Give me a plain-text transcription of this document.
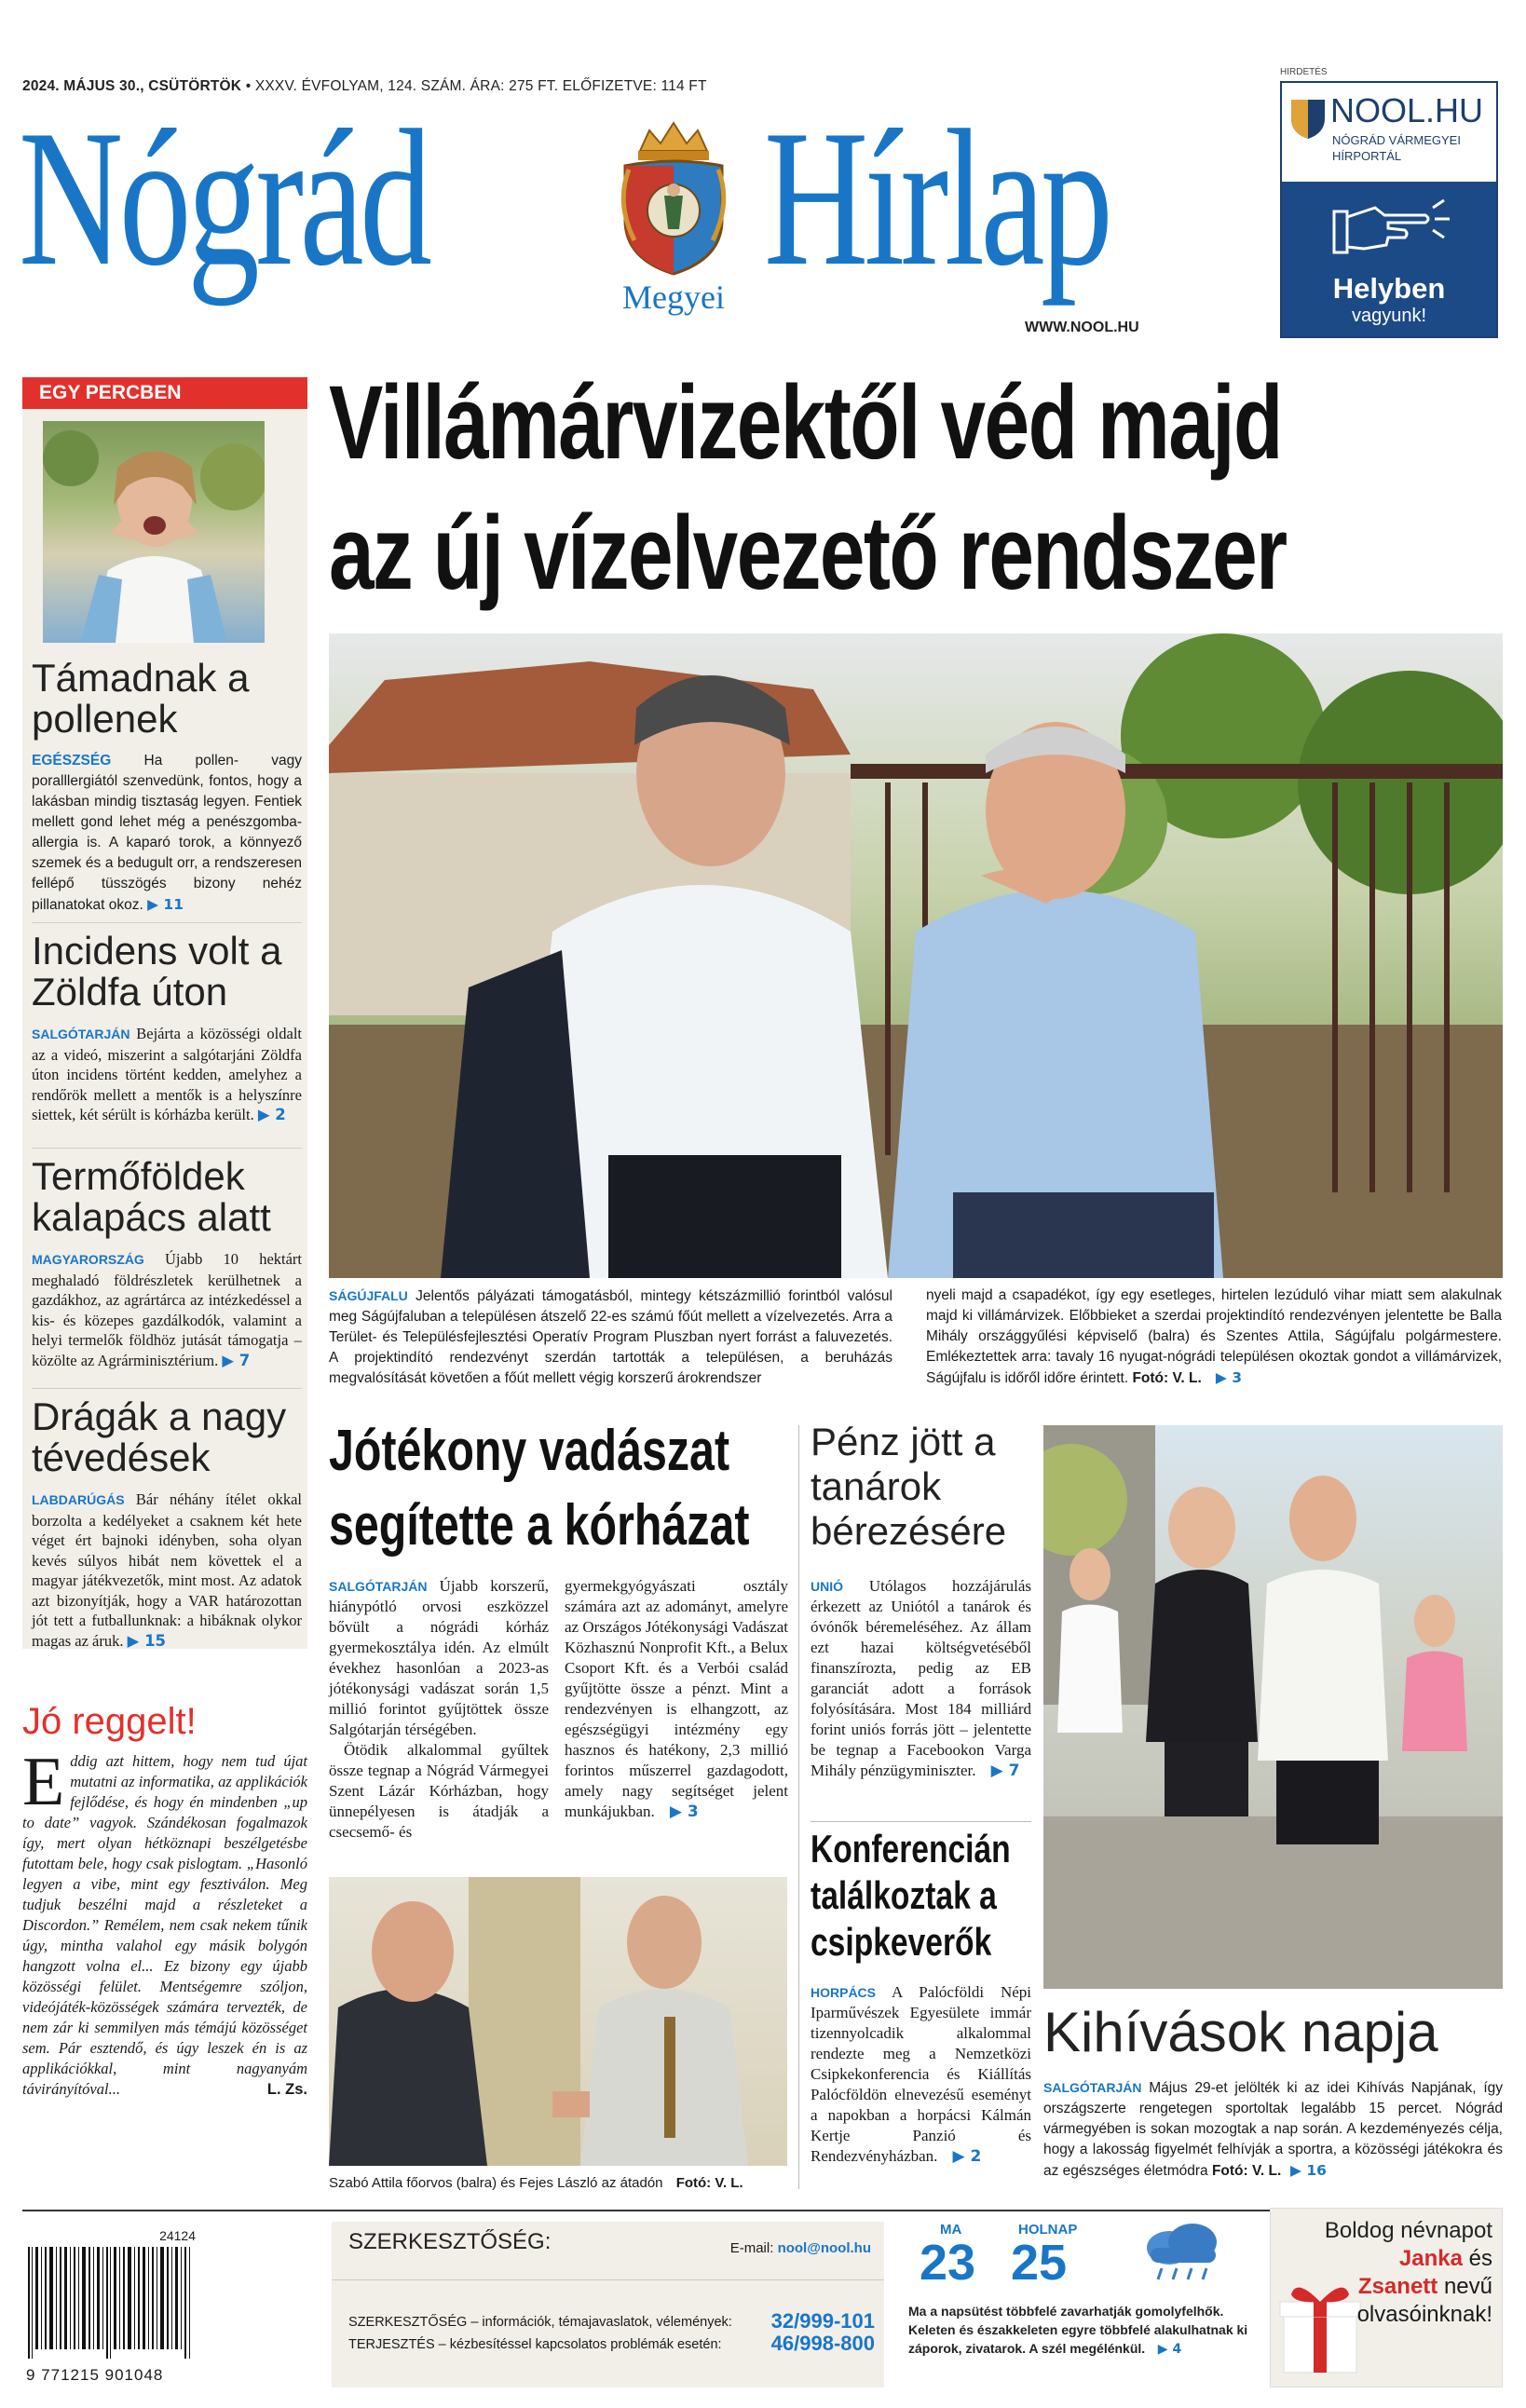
2024. MÁJUS 30., CSÜTÖRTÖK • XXXV. ÉVFOLYAM, 124. SZÁM. ÁRA: 275 FT. ELŐFIZETVE: 114 FT
Nógrád	Megyei Hírlap
WWW.NOOL.HU
HIRDETÉS
NOOL.HU
NÓGRÁD VÁRMEGYEI
HÍRPORTÁL
Helyben
vagyunk!
EGY PERCBEN
Támadnak a pollenek
EGÉSZSÉG Ha pollen- vagy poralllergiától szenvedünk, fontos, hogy a lakásban mindig tisztaság legyen. Fentiek mellett gond lehet még a penészgomba-allergia is. A kaparó torok, a könnyező szemek és a bedugult orr, a rendszeresen fellépő tüsszögés bizony nehéz pillanatokat okoz. ▶ 11
Incidens volt a Zöldfa úton
SALGÓTARJÁN Bejárta a közösségi oldalt az a videó, miszerint a salgótarjáni Zöldfa úton incidens történt kedden, amelyhez a rendőrök mellett a mentők is a helyszínre siettek, két sérült is kórházba került. ▶ 2
Termőföldek kalapács alatt
MAGYARORSZÁG Újabb 10 hektárt meghaladó földrészletek kerülhetnek a gazdákhoz, az agrártárca az intézkedéssel a kis- és közepes gazdálkodók, valamint a helyi termelők földhöz jutását támogatja – közölte az Agrárminisztérium. ▶ 7
Drágák a nagy tévedések
LABDARÚGÁS Bár néhány ítélet okkal borzolta a kedélyeket a csaknem két hete véget ért bajnoki idényben, soha olyan kevés súlyos hibát nem követtek el a magyar játékvezetők, mint most. Az adatok azt bizonyítják, hogy a VAR határozottan jót tett a futballunknak: a hibáknak olykor magas az áruk. ▶ 15
Jó reggelt!
E ddig azt hittem, hogy nem tud újat mutatni az informatika, az applikációk fejlődése, és hogy én mindenben „up to date” vagyok. Szándékosan fogalmazok így, mert olyan hétköznapi beszélgetésbe futottam bele, hogy csak pislogtam. „Hasonló legyen a vibe, mint egy fesztiválon. Meg tudjuk beszélni majd a részleteket a Discordon.” Remélem, nem csak nekem tűnik úgy, mintha valahol egy másik bolygón hangzott volna el... Ez bizony egy újabb közösségi felület. Mentségemre szóljon, videójáték-közösségek számára tervezték, de nem zár ki semmilyen más témájú közösséget sem. Pár esztendő, és úgy leszek én is az applikációkkal, mint nagyanyám távirányítóval...	L. Zs.
Villámárvizektől véd majd
az új vízelvezető rendszer
SÁGÚJFALU Jelentős pályázati támogatásból, mintegy kétszázmillió forintból valósul meg Ságújfaluban a településen átszelő 22-es számú főút mellett a vízelvezetés. Arra a Terület- és Településfejlesztési Operatív Program Pluszban nyert forrást a faluvezetés. A projektindító rendezvényt szerdán tartották a településen, a beruházás megvalósítását követően a főút mellett végig korszerű árokrendszer
nyeli majd a csapadékot, így egy esetleges, hirtelen lezúduló vihar miatt sem alakulnak majd ki villámárvizek. Előbbieket a szerdai projektindító rendezvényen jelentette be Balla Mihály országgyűlési képviselő (balra) és Szentes Attila, Ságújfalu polgármestere. Emlékeztettek arra: tavaly 16 nyugat-nógrádi településen okoztak gondot a villámárvizek, Ságújfalu is időről időre érintett. Fotó: V. L.   ▶ 3
Jótékony vadászat
segítette a kórházat
SALGÓTARJÁN Újabb korszerű, hiánypótló orvosi eszközzel bővült a nógrádi kórház gyermekosztálya idén. Az elmúlt évekhez hasonlóan a 2023-as jótékonysági vadászat során 1,5 millió forintot gyűjtöttek össze Salgótarján térségében.
Ötödik alkalommal gyűltek össze tegnap a Nógrád Vármegyei Szent Lázár Kórházban, hogy ünnepélyesen is átadják a csecsemő- és
gyermekgyógyászati osztály számára azt az adományt, amelyre az Országos Jótékonysági Vadászat Közhasznú Nonprofit Kft., a Belux Csoport Kft. és a Verbói család gyűjtötte össze a pénzt. Mint a rendezvényen is elhangzott, az egészségügyi intézmény egy hasznos és hatékony, 2,3 millió forintos műszerrel gazdagodott, amely nagy segítséget jelent munkájukban.   ▶ 3
Szabó Attila főorvos (balra) és Fejes László az átadón Fotó: V. L.
Pénz jött a tanárok bérezésére
UNIÓ Utólagos hozzájárulás érkezett az Uniótól a tanárok és óvónők béremeléséhez. Az állam ezt hazai költségvetéséből finanszírozta, pedig az EB garanciát adott a források folyósítására. Most 184 milliárd forint uniós forrás jött – jelentette be tegnap a Facebookon Varga Mihály pénzügyminiszter.   ▶ 7
Konferencián találkoztak a csipkeverők
HORPÁCS A Palócföldi Népi Iparművészek Egyesülete immár tizennyolcadik alkalommal rendezte meg a Nemzetközi Csipkekonferencia és Kiállítás Palócföldön elnevezésű eseményt a napokban a horpácsi Kálmán Kertje Panzió és Rendezvényházban.   ▶ 2
Kihívások napja
SALGÓTARJÁN Május 29-et jelölték ki az idei Kihívás Napjának, így országszerte rengetegen sportoltak legalább 15 percet. Nógrád vármegyében is sokan mozogtak a nap során. A kezdeményezés célja, hogy a lakosság figyelmét felhívják a sportra, a közösségi játékokra és az egészséges életmódra Fotó: V. L.  ▶ 16
24124
9 771215 901048
SZERKESZTŐSÉG:	E-mail: nool@nool.hu
SZERKESZTŐSÉG – információk, témajavaslatok, vélemények: 32/999-101
TERJESZTÉS – kézbesítéssel kapcsolatos problémák esetén: 46/998-800
MA
23
HOLNAP
25
Ma a napsütést többfelé zavarhatják gomolyfelhők. Keleten és északkeleten egyre többfelé alakulhatnak ki záporok, zivatarok. A szél megélénkül.   ▶ 4
Boldog névnapot
Janka és
Zsanett nevű
olvasóinknak!
